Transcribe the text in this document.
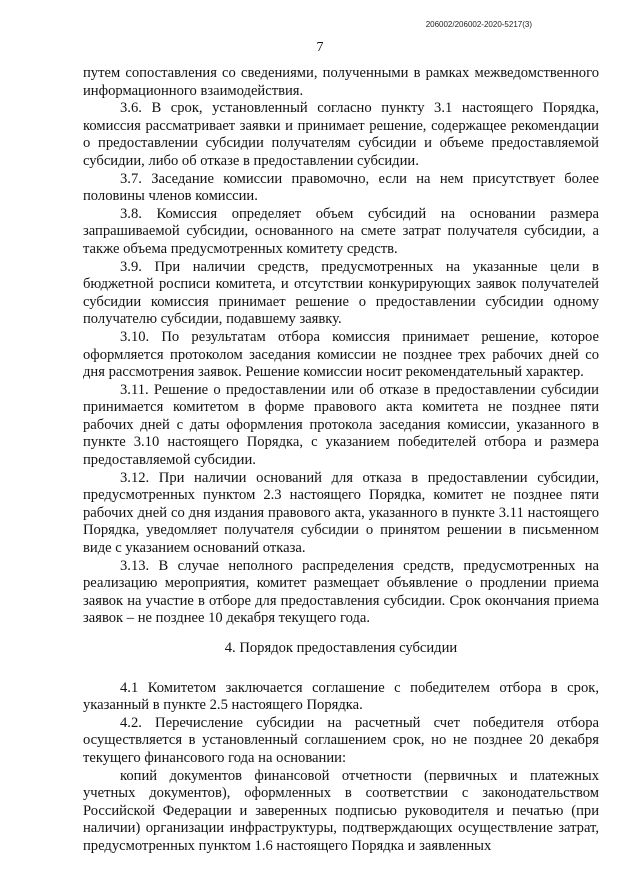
206002/206002-2020-5217(3)
7

путем сопоставления со сведениями, полученными в рамках межведомственного информационного взаимодействия.

3.6. В срок, установленный согласно пункту 3.1 настоящего Порядка, комиссия рассматривает заявки и принимает решение, содержащее рекомендации о предоставлении субсидии получателям субсидии и объеме предоставляемой субсидии, либо об отказе в предоставлении субсидии.

3.7. Заседание комиссии правомочно, если на нем присутствует более половины членов комиссии.

3.8. Комиссия определяет объем субсидий на основании размера запрашиваемой субсидии, основанного на смете затрат получателя субсидии, а также объема предусмотренных комитету средств.

3.9. При наличии средств, предусмотренных на указанные цели в бюджетной росписи комитета, и отсутствии конкурирующих заявок получателей субсидии комиссия принимает решение о предоставлении субсидии одному получателю субсидии, подавшему заявку.

3.10. По результатам отбора комиссия принимает решение, которое оформляется протоколом заседания комиссии не позднее трех рабочих дней со дня рассмотрения заявок. Решение комиссии носит рекомендательный характер.

3.11. Решение о предоставлении или об отказе в предоставлении субсидии принимается комитетом в форме правового акта комитета не позднее пяти рабочих дней с даты оформления протокола заседания комиссии, указанного в пункте 3.10 настоящего Порядка, с указанием победителей отбора и размера предоставляемой субсидии.

3.12. При наличии оснований для отказа в предоставлении субсидии, предусмотренных пунктом 2.3 настоящего Порядка, комитет не позднее пяти рабочих дней со дня издания правового акта, указанного в пункте 3.11 настоящего Порядка, уведомляет получателя субсидии о принятом решении в письменном виде с указанием оснований отказа.

3.13. В случае неполного распределения средств, предусмотренных на реализацию мероприятия, комитет размещает объявление о продлении приема заявок на участие в отборе для предоставления субсидии. Срок окончания приема заявок – не позднее 10 декабря текущего года.

4. Порядок предоставления субсидии

4.1 Комитетом заключается соглашение с победителем отбора в срок, указанный в пункте 2.5 настоящего Порядка.

4.2. Перечисление субсидии на расчетный счет победителя отбора осуществляется в установленный соглашением срок, но не позднее 20 декабря текущего финансового года на основании:

копий документов финансовой отчетности (первичных и платежных учетных документов), оформленных в соответствии с законодательством Российской Федерации и заверенных подписью руководителя и печатью (при наличии) организации инфраструктуры, подтверждающих осуществление затрат, предусмотренных пунктом 1.6 настоящего Порядка и заявленных
